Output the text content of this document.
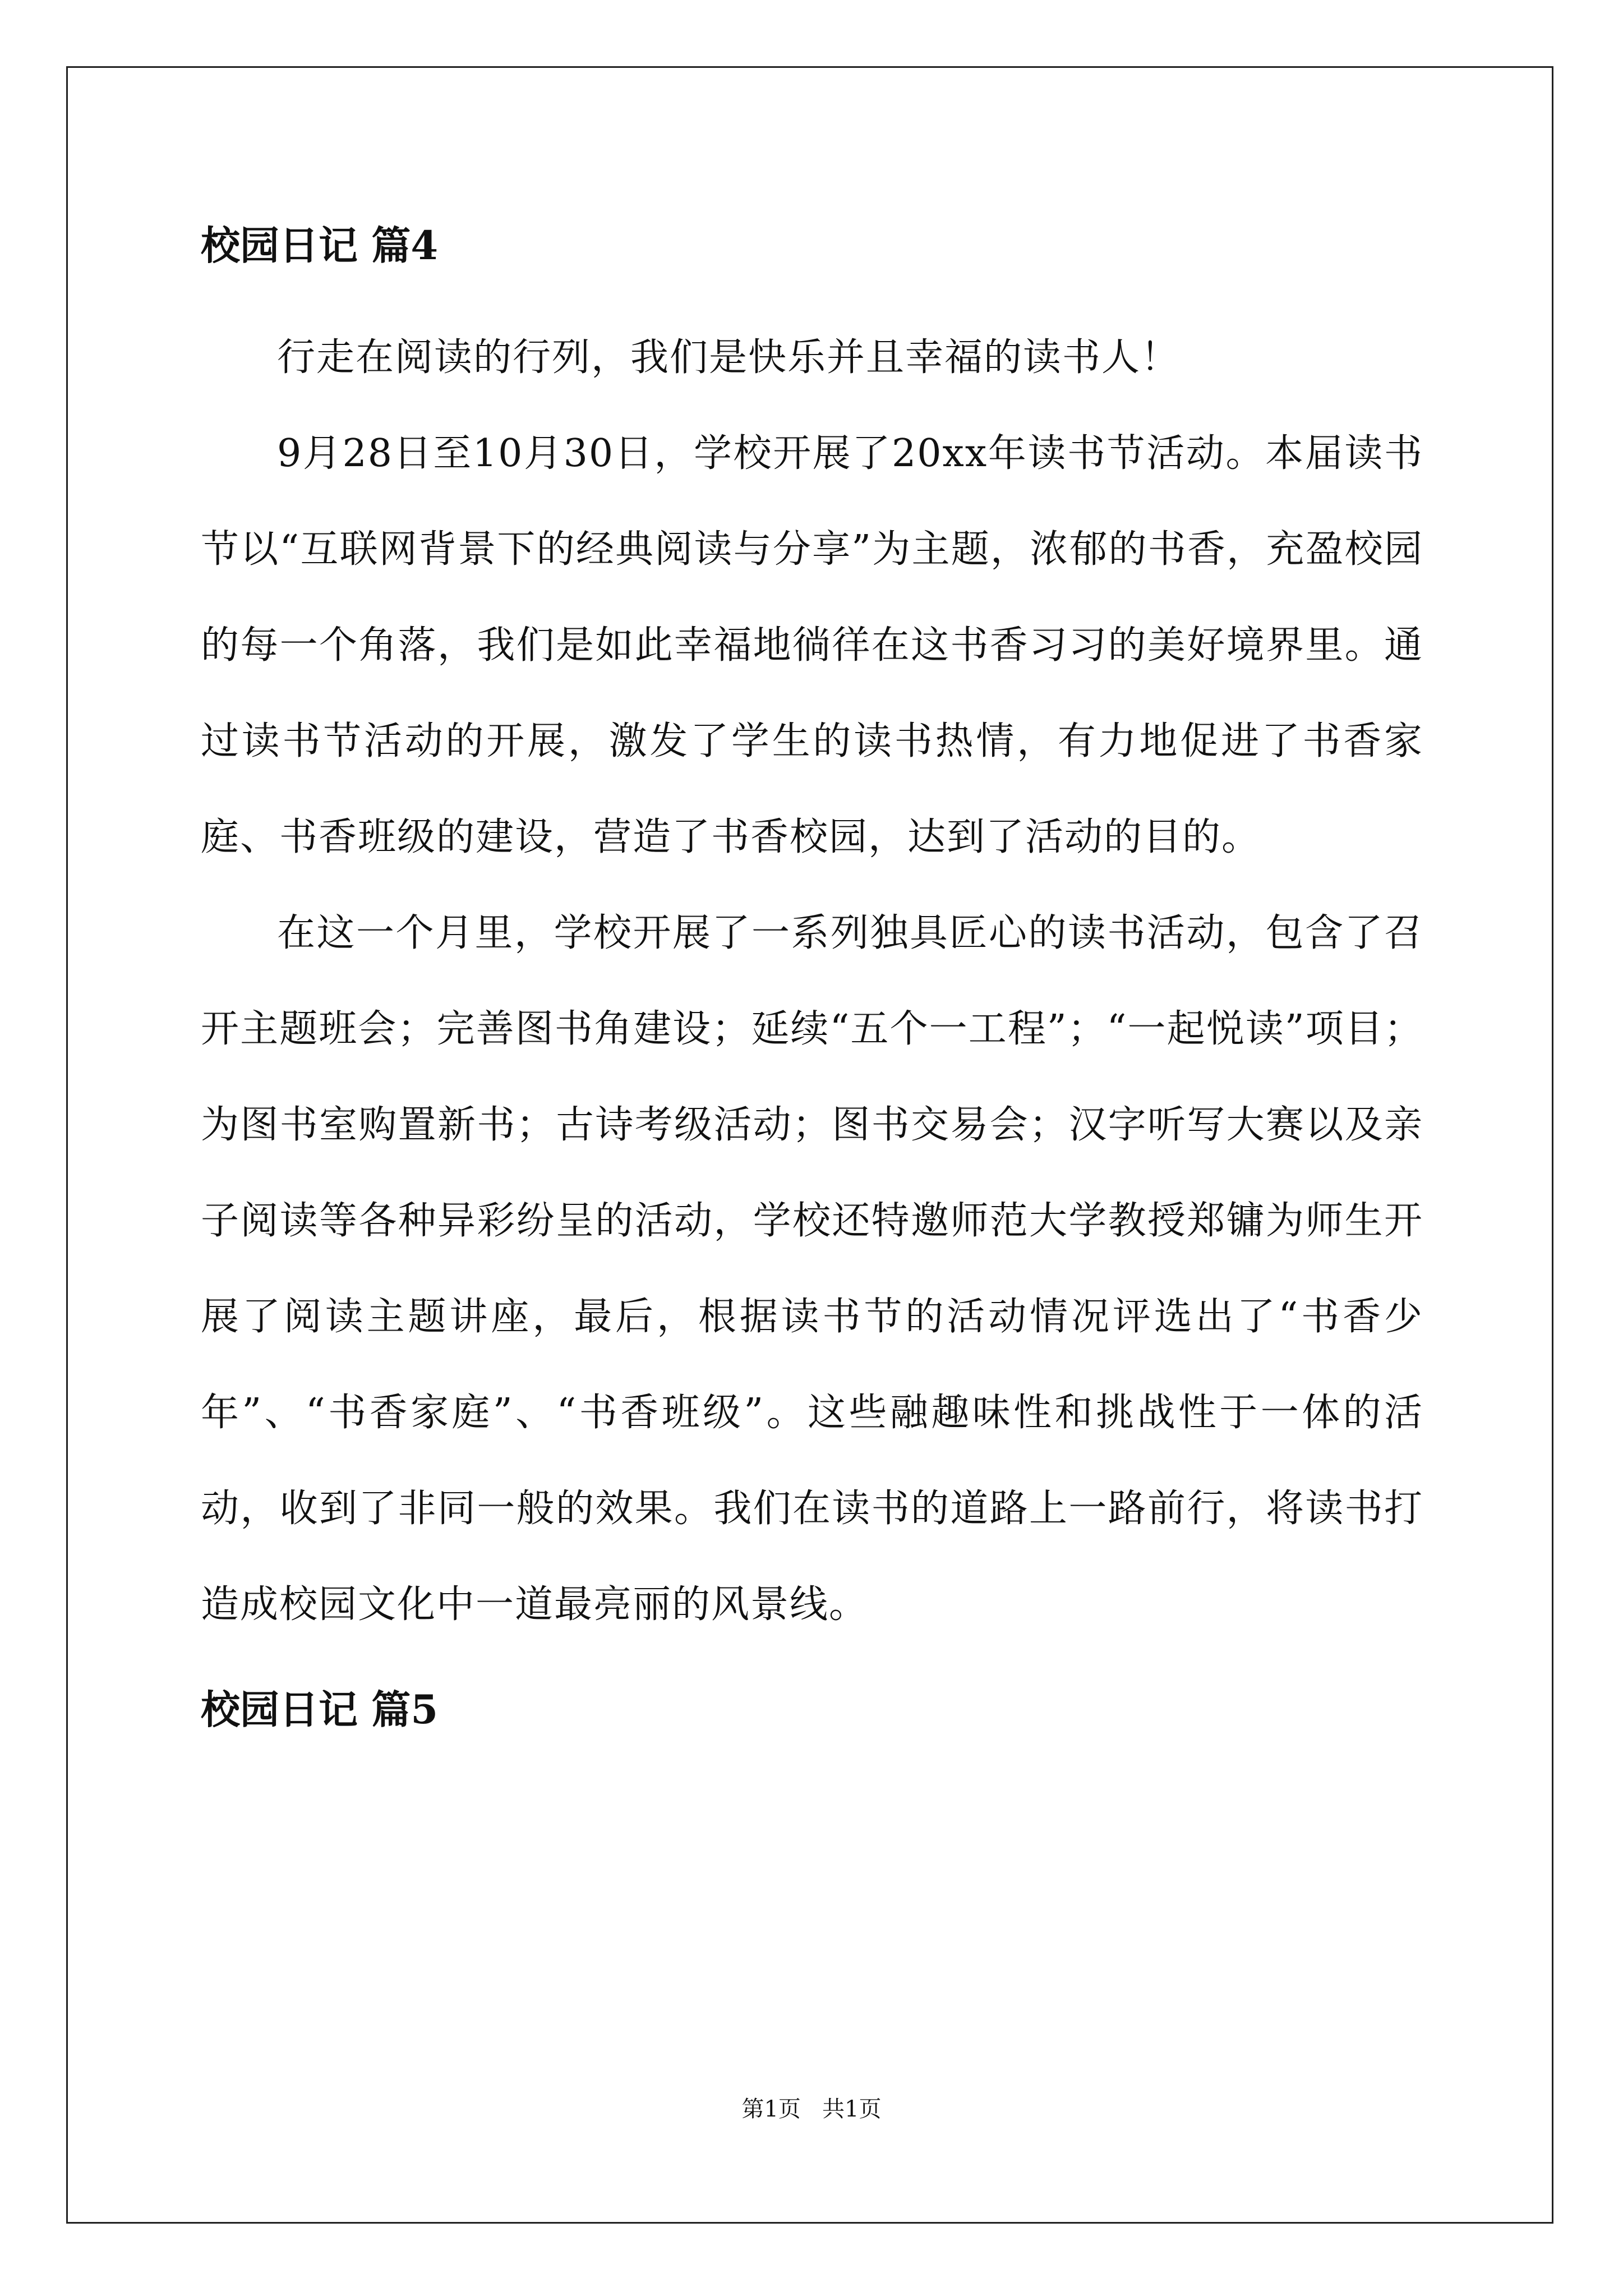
校园日记 篇4

行走在阅读的行列，我们是快乐并且幸福的读书人！

9月28日至10月30日，学校开展了20xx年读书节活动。本届读书节以“互联网背景下的经典阅读与分享”为主题，浓郁的书香，充盈校园的每一个角落，我们是如此幸福地徜徉在这书香习习的美好境界里。通过读书节活动的开展，激发了学生的读书热情，有力地促进了书香家庭、书香班级的建设，营造了书香校园，达到了活动的目的。

在这一个月里，学校开展了一系列独具匠心的读书活动，包含了召开主题班会；完善图书角建设；延续“五个一工程”；“一起悦读”项目；为图书室购置新书；古诗考级活动；图书交易会；汉字听写大赛以及亲子阅读等各种异彩纷呈的活动，学校还特邀师范大学教授郑镛为师生开展了阅读主题讲座，最后，根据读书节的活动情况评选出了“书香少年”、“书香家庭”、“书香班级”。这些融趣味性和挑战性于一体的活动，收到了非同一般的效果。我们在读书的道路上一路前行，将读书打造成校园文化中一道最亮丽的风景线。

校园日记 篇5
第1页   共1页
